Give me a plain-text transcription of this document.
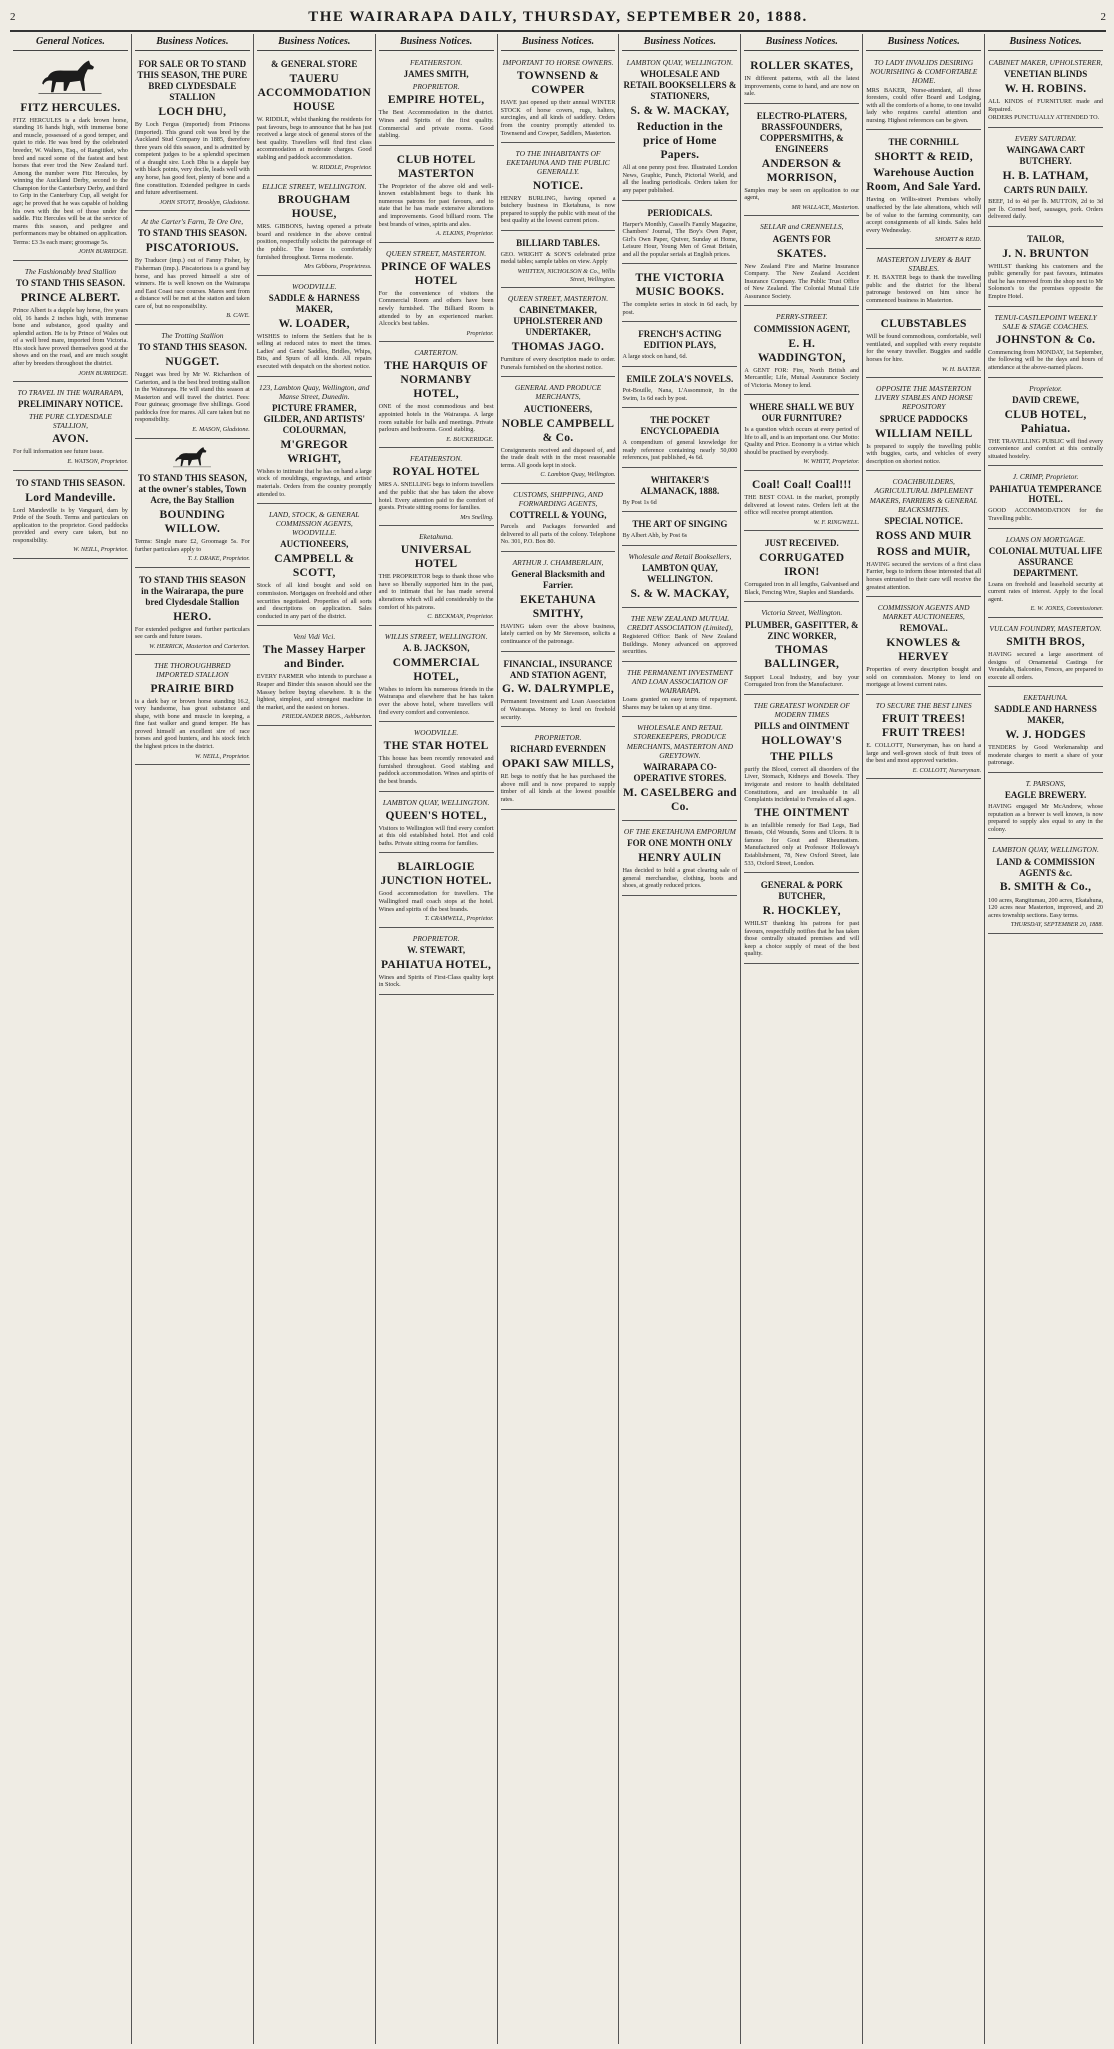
2	THE WAIRARAPA DAILY, THURSDAY, SEPTEMBER 20, 1888.	2
General Notices.
FITZ HERCULES.

FITZ HERCULES is a dark brown horse, standing 16 hands high, with immense bone and muscle, possessed of a good temper, and quiet to ride. He was bred by the celebrated breeder, W. Walters, Esq., of Rangitikei, who bred and raced some of the fastest and best horses that ever trod the New Zealand turf. Among the number were Fitz Hercules, by winning the Auckland Derby, second to the Champion for the Canterbury Derby, and third to Grip in the Canterbury Cup, all weight for age; he proved that he was capable of holding his own with the best of those under the saddle. Fitz Hercules will be at the service of mares this season, and pedigree and performances may be obtained on application.

Terms: £3 3s each mare; groomage 5s.

JOHN BURRIDGE.
The Fashionably bred Stallion
TO STAND THIS SEASON.
PRINCE ALBERT.

Prince Albert is a dapple bay horse, five years old, 16 hands 2 inches high, with immense bone and substance, good quality and splendid action. He is by Prince of Wales out of a well bred mare, imported from Victoria. His stock have proved themselves good at the shows and on the road, and are much sought after by breeders throughout the district.

JOHN BURRIDGE.
TO TRAVEL IN THE WAIRARAPA,
PRELIMINARY NOTICE.
THE PURE CLYDESDALE STALLION,
AVON.

For full information see future issue.

E. WATSON, Proprietor.
TO STAND THIS SEASON.
Lord Mandeville.

Lord Mandeville is by Vanguard, dam by Pride of the South. Terms and particulars on application to the proprietor. Good paddocks provided and every care taken, but no responsibility.

W. NEILL, Proprietor.
Business Notices.
FOR SALE OR TO STAND THIS SEASON, THE PURE BRED CLYDESDALE STALLION
LOCH DHU,

By Loch Fergus (imported) from Princess (imported). This grand colt was bred by the Auckland Stud Company in 1885, therefore three years old this season, and is admitted by competent judges to be a splendid specimen of a draught sire. Loch Dhu is a dapple bay with black points, very docile, leads well with any horse, has good feet, plenty of bone and a fine constitution. Extended pedigree in cards and future advertisement.

JOHN STOTT, Brooklyn, Gladstone.
At the Carter's Farm, Te Ore Ore,
TO STAND THIS SEASON.
PISCATORIOUS.

By Traducer (imp.) out of Fanny Fisher, by Fisherman (imp.). Piscatorious is a grand bay horse, and has proved himself a sire of winners. He is well known on the Wairarapa and East Coast race courses. Mares sent from a distance will be met at the station and taken care of, but no responsibility.

B. CAVE.
The Trotting Stallion
TO STAND THIS SEASON.
NUGGET.

Nugget was bred by Mr W. Richardson of Carterton, and is the best bred trotting stallion in the Wairarapa. He will stand this season at Masterton and will travel the district. Fees: Four guineas; groomage five shillings. Good paddocks free for mares. All care taken but no responsibility.

E. MASON, Gladstone.
TO STAND THIS SEASON, at the owner's stables, Town Acre, the Bay Stallion
BOUNDING WILLOW.

Terms: Single mare £2, Groomage 5s. For further particulars apply to

T. J. DRAKE, Proprietor.
TO STAND THIS SEASON in the Wairarapa, the pure bred Clydesdale Stallion
HERO.

For extended pedigree and further particulars see cards and future issues.

W. HERRICK, Masterton and Carterton.
THE THOROUGHBRED IMPORTED STALLION
PRAIRIE BIRD

is a dark bay or brown horse standing 16.2, very handsome, has great substance and shape, with bone and muscle in keeping, a fine fast walker and grand temper. He has proved himself an excellent sire of race horses and good hunters, and his stock fetch the highest prices in the district.

W. NEILL, Proprietor.
Business Notices.
& GENERAL STORE
TAUERU ACCOMMODATION HOUSE

W. RIDDLE, whilst thanking the residents for past favours, begs to announce that he has just received a large stock of general stores of the best quality. Travellers will find first class accommodation at moderate charges. Good stabling and paddock accommodation.

W. RIDDLE, Proprietor.
ELLICE STREET, WELLINGTON.
BROUGHAM HOUSE,

MRS. GIBBONS, having opened a private board and residence in the above central position, respectfully solicits the patronage of the public. The house is comfortably furnished throughout. Terms moderate.

Mrs Gibbons, Proprietress.
WOODVILLE.
SADDLE & HARNESS MAKER,
W. LOADER,

WISHES to inform the Settlers that he is selling at reduced rates to meet the times. Ladies' and Gents' Saddles, Bridles, Whips, Bits, and Spurs of all kinds. All repairs executed with despatch on the shortest notice.

123, Lambton Quay, Wellington, and Manse Street, Dunedin.
PICTURE FRAMER, GILDER, AND ARTISTS' COLOURMAN,
M'GREGOR WRIGHT,

Wishes to intimate that he has on hand a large stock of mouldings, engravings, and artists' materials. Orders from the country promptly attended to.

LAND, STOCK, & GENERAL COMMISSION AGENTS, WOODVILLE.
AUCTIONEERS,
CAMPBELL & SCOTT,

Stock of all kind bought and sold on commission. Mortgages on freehold and other securities negotiated. Properties of all sorts and descriptions on application. Sales conducted in any part of the district.

Veni Vidi Vici.
The Massey Harper and Binder.

EVERY FARMER who intends to purchase a Reaper and Binder this season should see the Massey before buying elsewhere. It is the lightest, simplest, and strongest machine in the market, and the easiest on horses.

FRIEDLANDER BROS., Ashburton.
Business Notices.
FEATHERSTON.
JAMES SMITH,
PROPRIETOR.
EMPIRE HOTEL,

The Best Accommodation in the district. Wines and Spirits of the first quality. Commercial and private rooms. Good stabling.

CLUB HOTEL MASTERTON

The Proprietor of the above old and well-known establishment begs to thank his numerous patrons for past favours, and to state that he has made extensive alterations and improvements. Good billiard room. The best brands of wines, spirits and ales.

A. ELKINS, Proprietor.
QUEEN STREET, MASTERTON.
PRINCE OF WALES HOTEL

For the convenience of visitors the Commercial Room and others have been newly furnished. The Billiard Room is attended to by an experienced marker. Alcock's best tables.

Proprietor.
CARTERTON.
THE HARQUIS OF NORMANBY HOTEL,

ONE of the most commodious and best appointed hotels in the Wairarapa. A large room suitable for balls and meetings. Private parlours and bedrooms. Good stabling.

E. BUCKERIDGE.
FEATHERSTON.
ROYAL HOTEL

MRS A. SNELLING begs to inform travellers and the public that she has taken the above hotel. Every attention paid to the comfort of guests. Private sitting rooms for families.

Mrs Snelling.
Eketahuna.
UNIVERSAL HOTEL

THE PROPRIETOR begs to thank those who have so liberally supported him in the past, and to intimate that he has made several alterations which will add considerably to the comfort of his patrons.

C. BECKMAN, Proprietor.
WILLIS STREET, WELLINGTON.
A. B. JACKSON,
COMMERCIAL HOTEL,

Wishes to inform his numerous friends in the Wairarapa and elsewhere that he has taken over the above hotel, where travellers will find every comfort and convenience.

WOODVILLE.
THE STAR HOTEL

This house has been recently renovated and furnished throughout. Good stabling and paddock accommodation. Wines and spirits of the best brands.

LAMBTON QUAY, WELLINGTON.
QUEEN'S HOTEL,

Visitors to Wellington will find every comfort at this old established hotel. Hot and cold baths. Private sitting rooms for families.

BLAIRLOGIE JUNCTION HOTEL.

Good accommodation for travellers. The Wallingford mail coach stops at the hotel. Wines and spirits of the best brands.

T. CRAMWELL, Proprietor.
PROPRIETOR.
W. STEWART,
PAHIATUA HOTEL,

Wines and Spirits of First-Class quality kept in Stock.

Business Notices.
IMPORTANT TO HORSE OWNERS.
TOWNSEND & COWPER

HAVE just opened up their annual WINTER STOCK of horse covers, rugs, halters, surcingles, and all kinds of saddlery. Orders from the country promptly attended to. Townsend and Cowper, Saddlers, Masterton.

TO THE INHABITANTS OF EKETAHUNA AND THE PUBLIC GENERALLY.
NOTICE.

HENRY BURLING, having opened a butchery business in Eketahuna, is now prepared to supply the public with meat of the best quality at the lowest current prices.

BILLIARD TABLES.

GEO. WRIGHT & SON'S celebrated prize medal tables; sample tables on view. Apply

WHITTEN, NICHOLSON & Co., Willis Street, Wellington.
QUEEN STREET, MASTERTON.
CABINETMAKER, UPHOLSTERER AND UNDERTAKER,
THOMAS JAGO.

Furniture of every description made to order. Funerals furnished on the shortest notice.

GENERAL AND PRODUCE MERCHANTS,
AUCTIONEERS,
NOBLE CAMPBELL & Co.

Consignments received and disposed of, and the trade dealt with in the most reasonable terms. All goods kept in stock.

C. Lambton Quay, Wellington.
CUSTOMS, SHIPPING, AND FORWARDING AGENTS,
COTTRELL & YOUNG,

Parcels and Packages forwarded and delivered to all parts of the colony. Telephone No. 301, P.O. Box 80.

ARTHUR J. CHAMBERLAIN,
General Blacksmith and Farrier.
EKETAHUNA SMITHY,

HAVING taken over the above business, lately carried on by Mr Stevenson, solicits a continuance of the patronage.

FINANCIAL, INSURANCE AND STATION AGENT,
G. W. DALRYMPLE,

Permanent Investment and Loan Association of Wairarapa. Money to lend on freehold security.

PROPRIETOR.
RICHARD EVERNDEN
OPAKI SAW MILLS,

RE begs to notify that he has purchased the above mill and is now prepared to supply timber of all kinds at the lowest possible rates.

Business Notices.
LAMBTON QUAY, WELLINGTON.
WHOLESALE AND RETAIL BOOKSELLERS & STATIONERS,
S. & W. MACKAY,
Reduction in the price of Home Papers.

All at one penny post free. Illustrated London News, Graphic, Punch, Pictorial World, and all the leading periodicals. Orders taken for any paper published.

PERIODICALS.

Harper's Monthly, Cassell's Family Magazine, Chambers' Journal, The Boy's Own Paper, Girl's Own Paper, Quiver, Sunday at Home, Leisure Hour, Young Men of Great Britain, and all the popular serials at English prices.

THE VICTORIA MUSIC BOOKS.

The complete series in stock in 6d each, by post.

FRENCH'S ACTING EDITION PLAYS,

A large stock on hand, 6d.

EMILE ZOLA'S NOVELS.

Pot-Bouille, Nana, L'Assommoir, In the Swim, 1s 6d each by post.

THE POCKET ENCYCLOPAEDIA

A compendium of general knowledge for ready reference containing nearly 50,000 references, just published, 4s 6d.

WHITAKER'S ALMANACK, 1888.

By Post 1s 6d

THE ART OF SINGING

By Albert Ahb, by Post 6s

Wholesale and Retail Booksellers,
LAMBTON QUAY, WELLINGTON.
S. & W. MACKAY,
THE NEW ZEALAND MUTUAL CREDIT ASSOCIATION (Limited),

Registered Office: Bank of New Zealand Buildings. Money advanced on approved securities.

THE PERMANENT INVESTMENT AND LOAN ASSOCIATION OF WAIRARAPA.

Loans granted on easy terms of repayment. Shares may be taken up at any time.

WHOLESALE AND RETAIL STOREKEEPERS, PRODUCE MERCHANTS, MASTERTON AND GREYTOWN.
WAIRARAPA CO-OPERATIVE STORES.
M. CASELBERG and Co.
OF THE EKETAHUNA EMPORIUM
FOR ONE MONTH ONLY
HENRY AULIN

Has decided to hold a great clearing sale of general merchandise, clothing, boots and shoes, at greatly reduced prices.

Business Notices.
ROLLER SKATES,

IN different patterns, with all the latest improvements, come to hand, and are now on sale.

ELECTRO-PLATERS, BRASSFOUNDERS, COPPERSMITHS, & ENGINEERS
ANDERSON & MORRISON,

Samples may be seen on application to our agent,

MR WALLACE, Masterton.
SELLAR and CRENNELLS,
AGENTS FOR
SKATES.

New Zealand Fire and Marine Insurance Company. The New Zealand Accident Insurance Company. The Public Trust Office of New Zealand. The Colonial Mutual Life Assurance Society.

PERRY-STREET.
COMMISSION AGENT,
E. H. WADDINGTON,

A GENT FOR: Fire, North British and Mercantile; Life, Mutual Assurance Society of Victoria. Money to lend.

WHERE SHALL WE BUY OUR FURNITURE?

Is a question which occurs at every period of life to all, and is an important one. Our Motto: Quality and Price. Economy is a virtue which should be practised by everybody.

W. WHITT, Proprietor.
Coal! Coal! Coal!!!

THE BEST COAL in the market, promptly delivered at lowest rates. Orders left at the office will receive prompt attention.

W. F. RINGWELL.
JUST RECEIVED.
CORRUGATED IRON!

Corrugated iron in all lengths, Galvanised and Black, Fencing Wire, Staples and Standards.

Victoria Street, Wellington.
PLUMBER, GASFITTER, & ZINC WORKER,
THOMAS BALLINGER,

Support Local Industry, and buy your Corrugated Iron from the Manufacturer.

THE GREATEST WONDER OF MODERN TIMES
PILLS and OINTMENT
HOLLOWAY'S
THE PILLS

purify the Blood, correct all disorders of the Liver, Stomach, Kidneys and Bowels. They invigorate and restore to health debilitated Constitutions, and are invaluable in all Complaints incidental to Females of all ages.

THE OINTMENT

is an infallible remedy for Bad Legs, Bad Breasts, Old Wounds, Sores and Ulcers. It is famous for Gout and Rheumatism. Manufactured only at Professor Holloway's Establishment, 78, New Oxford Street, late 533, Oxford Street, London.

GENERAL & PORK BUTCHER,
R. HOCKLEY,

WHILST thanking his patrons for past favours, respectfully notifies that he has taken those centrally situated premises and will keep a choice supply of meat of the best quality.

Business Notices.
TO LADY INVALIDS DESIRING NOURISHING & COMFORTABLE HOME.

MRS BAKER, Nurse-attendant, all those foresters, could offer Board and Lodging, with all the comforts of a home, to one invalid lady who requires careful attention and nursing. Highest references can be given.

THE CORNHILL
SHORTT & REID,
Warehouse Auction Room, And Sale Yard.

Having on Willis-street Premises wholly unaffected by the late alterations, which will be of value to the farming community, can accept consignments of all kinds. Sales held every Wednesday.

SHORTT & REID.
MASTERTON LIVERY & BAIT STABLES.

F. H. BAXTER begs to thank the travelling public and the district for the liberal patronage bestowed on him since he commenced business in Masterton.

CLUBSTABLES

Will be found commodious, comfortable, well ventilated, and supplied with every requisite for the weary traveller. Buggies and saddle horses for hire.

W. H. BAXTER.
OPPOSITE THE MASTERTON LIVERY STABLES AND HORSE REPOSITORY
SPRUCE PADDOCKS
WILLIAM NEILL

Is prepared to supply the travelling public with buggies, carts, and vehicles of every description on shortest notice.

COACHBUILDERS, AGRICULTURAL IMPLEMENT MAKERS, FARRIERS & GENERAL BLACKSMITHS.
SPECIAL NOTICE.
ROSS AND MUIR
ROSS and MUIR,

HAVING secured the services of a first class Farrier, begs to inform those interested that all horses entrusted to their care will receive the greatest attention.

COMMISSION AGENTS AND MARKET AUCTIONEERS,
REMOVAL.
KNOWLES & HERVEY

Properties of every description bought and sold on commission. Money to lend on mortgage at lowest current rates.

TO SECURE THE BEST LINES
FRUIT TREES! FRUIT TREES!

E. COLLOTT, Nurseryman, has on hand a large and well-grown stock of fruit trees of the best and most approved varieties.

E. COLLOTT, Nurseryman.
Business Notices.
CABINET MAKER, UPHOLSTERER,
VENETIAN BLINDS
W. H. ROBINS.

ALL KINDS of FURNITURE made and Repaired.

ORDERS PUNCTUALLY ATTENDED TO.

EVERY SATURDAY.
WAINGAWA CART BUTCHERY.
H. B. LATHAM,
CARTS RUN DAILY.

BEEF, 1d to 4d per lb. MUTTON, 2d to 3d per lb. Corned beef, sausages, pork. Orders delivered daily.

TAILOR,
J. N. BRUNTON

WHILST thanking his customers and the public generally for past favours, intimates that he has removed from the shop next to Mr Solomon's to the premises opposite the Empire Hotel.

TENUI-CASTLEPOINT WEEKLY SALE & STAGE COACHES.
JOHNSTON & Co.

Commencing from MONDAY, 1st September, the following will be the days and hours of attendance at the above-named places.

Proprietor.
DAVID CREWE,
CLUB HOTEL, Pahiatua.

THE TRAVELLING PUBLIC will find every convenience and comfort at this centrally situated hostelry.

J. CRIMP, Proprietor.
PAHIATUA TEMPERANCE HOTEL.

GOOD ACCOMMODATION for the Travelling public.

LOANS ON MORTGAGE.
COLONIAL MUTUAL LIFE ASSURANCE DEPARTMENT.

Loans on freehold and leasehold security at current rates of interest. Apply to the local agent.

E. W. JONES, Commissioner.
VULCAN FOUNDRY, MASTERTON.
SMITH BROS,

HAVING secured a large assortment of designs of Ornamental Castings for Verandahs, Balconies, Fences, are prepared to execute all orders.

EKETAHUNA.
SADDLE AND HARNESS MAKER,
W. J. HODGES

TENDERS by Good Workmanship and moderate charges to merit a share of your patronage.

T. PARSONS,
EAGLE BREWERY.

HAVING engaged Mr McAndrew, whose reputation as a brewer is well known, is now prepared to supply ales equal to any in the colony.

LAMBTON QUAY, WELLINGTON.
LAND & COMMISSION AGENTS &c.
B. SMITH & Co.,

100 acres, Rangitumau, 200 acres, Ekatahuna, 120 acres near Masterton, improved, and 20 acres township sections. Easy terms.

THURSDAY, SEPTEMBER 20, 1888.
